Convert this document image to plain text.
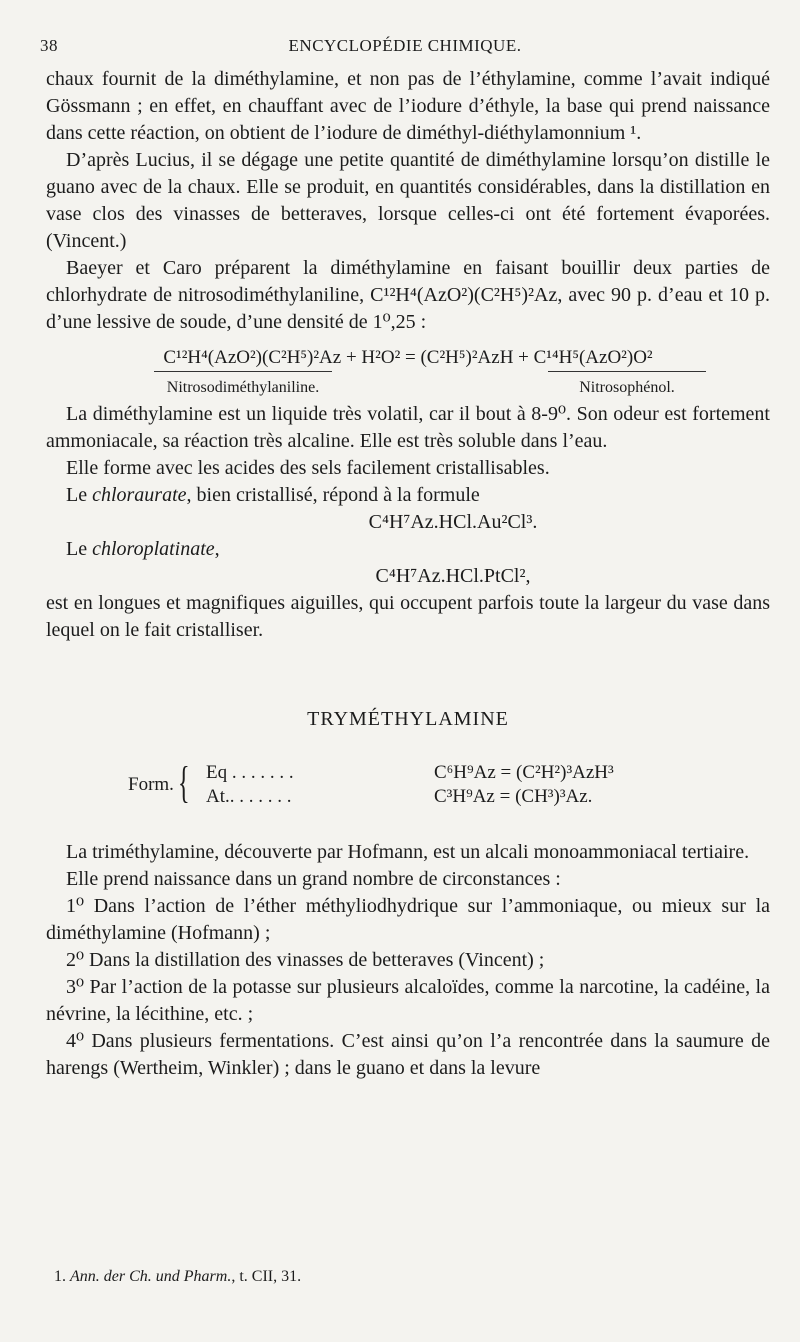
38	ENCYCLOPÉDIE CHIMIQUE.

chaux fournit de la diméthylamine, et non pas de l’éthylamine, comme l’avait indiqué Gössmann ; en effet, en chauffant avec de l’iodure d’éthyle, la base qui prend naissance dans cette réaction, on obtient de l’iodure de diméthyl-diéthylamonnium ¹.

D’après Lucius, il se dégage une petite quantité de diméthylamine lorsqu’on distille le guano avec de la chaux. Elle se produit, en quantités considérables, dans la distillation en vase clos des vinasses de betteraves, lorsque celles-ci ont été fortement évaporées. (Vincent.)

Baeyer et Caro préparent la diméthylamine en faisant bouillir deux parties de chlorhydrate de nitrosodiméthylaniline, C¹²H⁴(AzO²)(C²H⁵)²Az, avec 90 p. d’eau et 10 p. d’une lessive de soude, d’une densité de 1⁰,25 :

C¹²H⁴(AzO²)(C²H⁵)²Az + H²O² = (C²H⁵)²AzH + C¹⁴H⁵(AzO²)O²
Nitrosodiméthylaniline.	Nitrosophénol.

La diméthylamine est un liquide très volatil, car il bout à 8-9⁰. Son odeur est fortement ammoniacale, sa réaction très alcaline. Elle est très soluble dans l’eau.

Elle forme avec les acides des sels facilement cristallisables.

Le chloraurate, bien cristallisé, répond à la formule

C⁴H⁷Az.HCl.Au²Cl³.

Le chloroplatinate,

C⁴H⁷Az.HCl.PtCl²,

est en longues et magnifiques aiguilles, qui occupent parfois toute la largeur du vase dans lequel on le fait cristalliser.

TRYMÉTHYLAMINE
Form. { Eq . . . . . . .	C⁶H⁹Az = (C²H²)³AzH³
At.. . . . . . .	C³H⁹Az = (CH³)³Az.

La triméthylamine, découverte par Hofmann, est un alcali monoammoniacal tertiaire.

Elle prend naissance dans un grand nombre de circonstances :

1⁰ Dans l’action de l’éther méthyliodhydrique sur l’ammoniaque, ou mieux sur la diméthylamine (Hofmann) ;

2⁰ Dans la distillation des vinasses de betteraves (Vincent) ;

3⁰ Par l’action de la potasse sur plusieurs alcaloïdes, comme la narcotine, la cadéine, la névrine, la lécithine, etc. ;

4⁰ Dans plusieurs fermentations. C’est ainsi qu’on l’a rencontrée dans la saumure de harengs (Wertheim, Winkler) ; dans le guano et dans la levure

1. Ann. der Ch. und Pharm., t. CII, 31.
